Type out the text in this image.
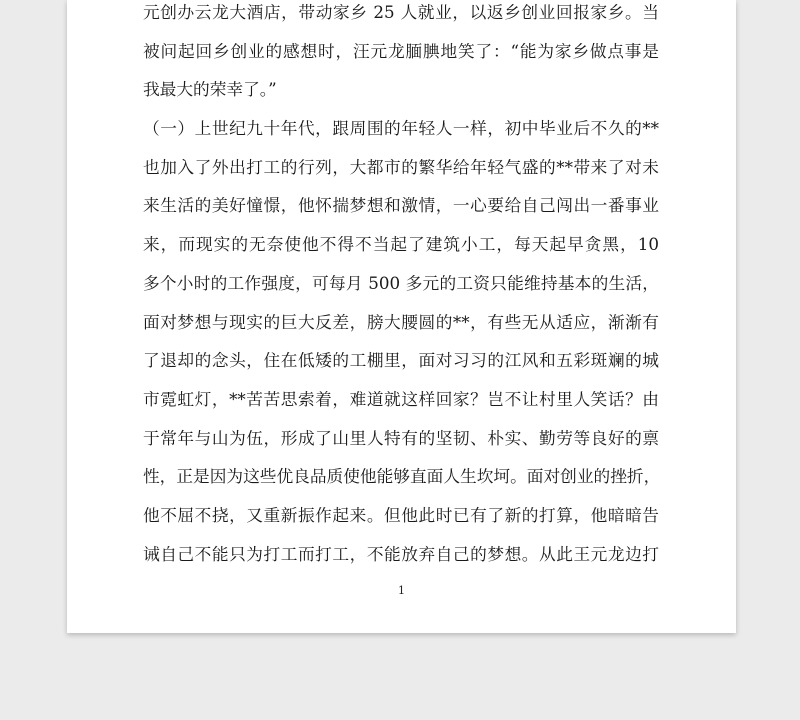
元创办云龙大酒店，带动家乡 25 人就业，以返乡创业回报家乡。当
被问起回乡创业的感想时，汪元龙腼腆地笑了：“能为家乡做点事是
我最大的荣幸了。”
（一）上世纪九十年代，跟周围的年轻人一样，初中毕业后不久的**
也加入了外出打工的行列，大都市的繁华给年轻气盛的**带来了对未
来生活的美好憧憬，他怀揣梦想和激情，一心要给自己闯出一番事业
来，而现实的无奈使他不得不当起了建筑小工，每天起早贪黑，10
多个小时的工作强度，可每月 500 多元的工资只能维持基本的生活，
面对梦想与现实的巨大反差，膀大腰圆的**，有些无从适应，渐渐有
了退却的念头，住在低矮的工棚里，面对习习的江风和五彩斑斓的城
市霓虹灯，**苦苦思索着，难道就这样回家？岂不让村里人笑话？由
于常年与山为伍，形成了山里人特有的坚韧、朴实、勤劳等良好的禀
性，正是因为这些优良品质使他能够直面人生坎坷。面对创业的挫折，
他不屈不挠，又重新振作起来。但他此时已有了新的打算，他暗暗告
诫自己不能只为打工而打工，不能放弃自己的梦想。从此王元龙边打
1
